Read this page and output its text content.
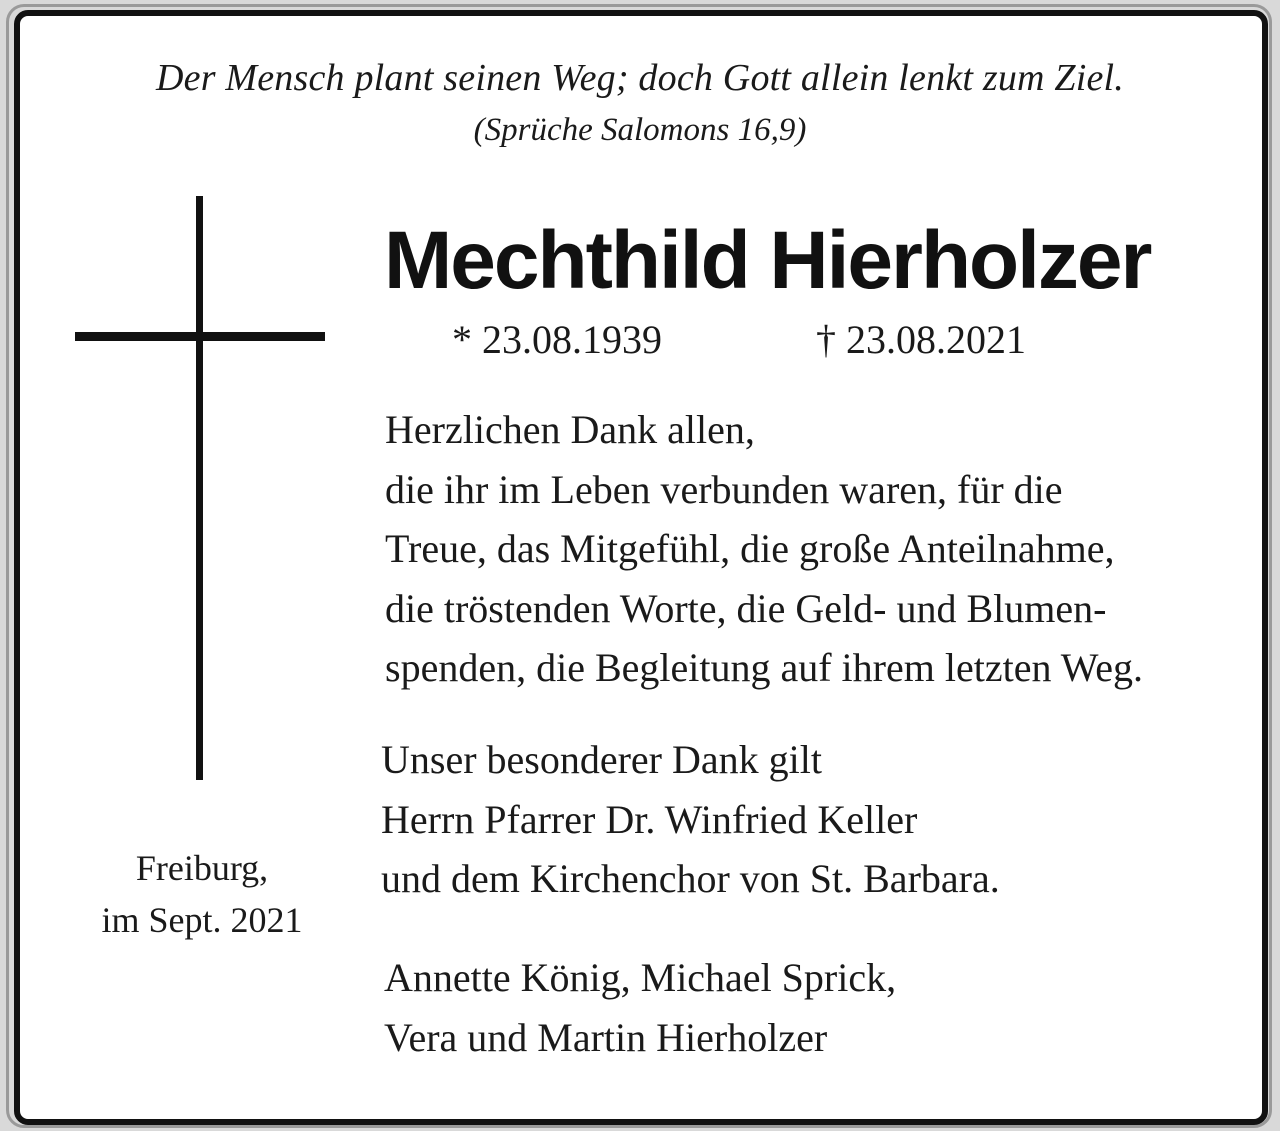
Der Mensch plant seinen Weg; doch Gott allein lenkt zum Ziel.
(Sprüche Salomons 16,9)
Mechthild Hierholzer
* 23.08.1939	† 23.08.2021
Herzlichen Dank allen,
die ihr im Leben verbunden waren, für die
Treue, das Mitgefühl, die große Anteilnahme,
die tröstenden Worte, die Geld- und Blumen-
spenden, die Begleitung auf ihrem letzten Weg.
Unser besonderer Dank gilt
Herrn Pfarrer Dr. Winfried Keller
und dem Kirchenchor von St. Barbara.
Freiburg,
im Sept. 2021
Annette König, Michael Sprick,
Vera und Martin Hierholzer
